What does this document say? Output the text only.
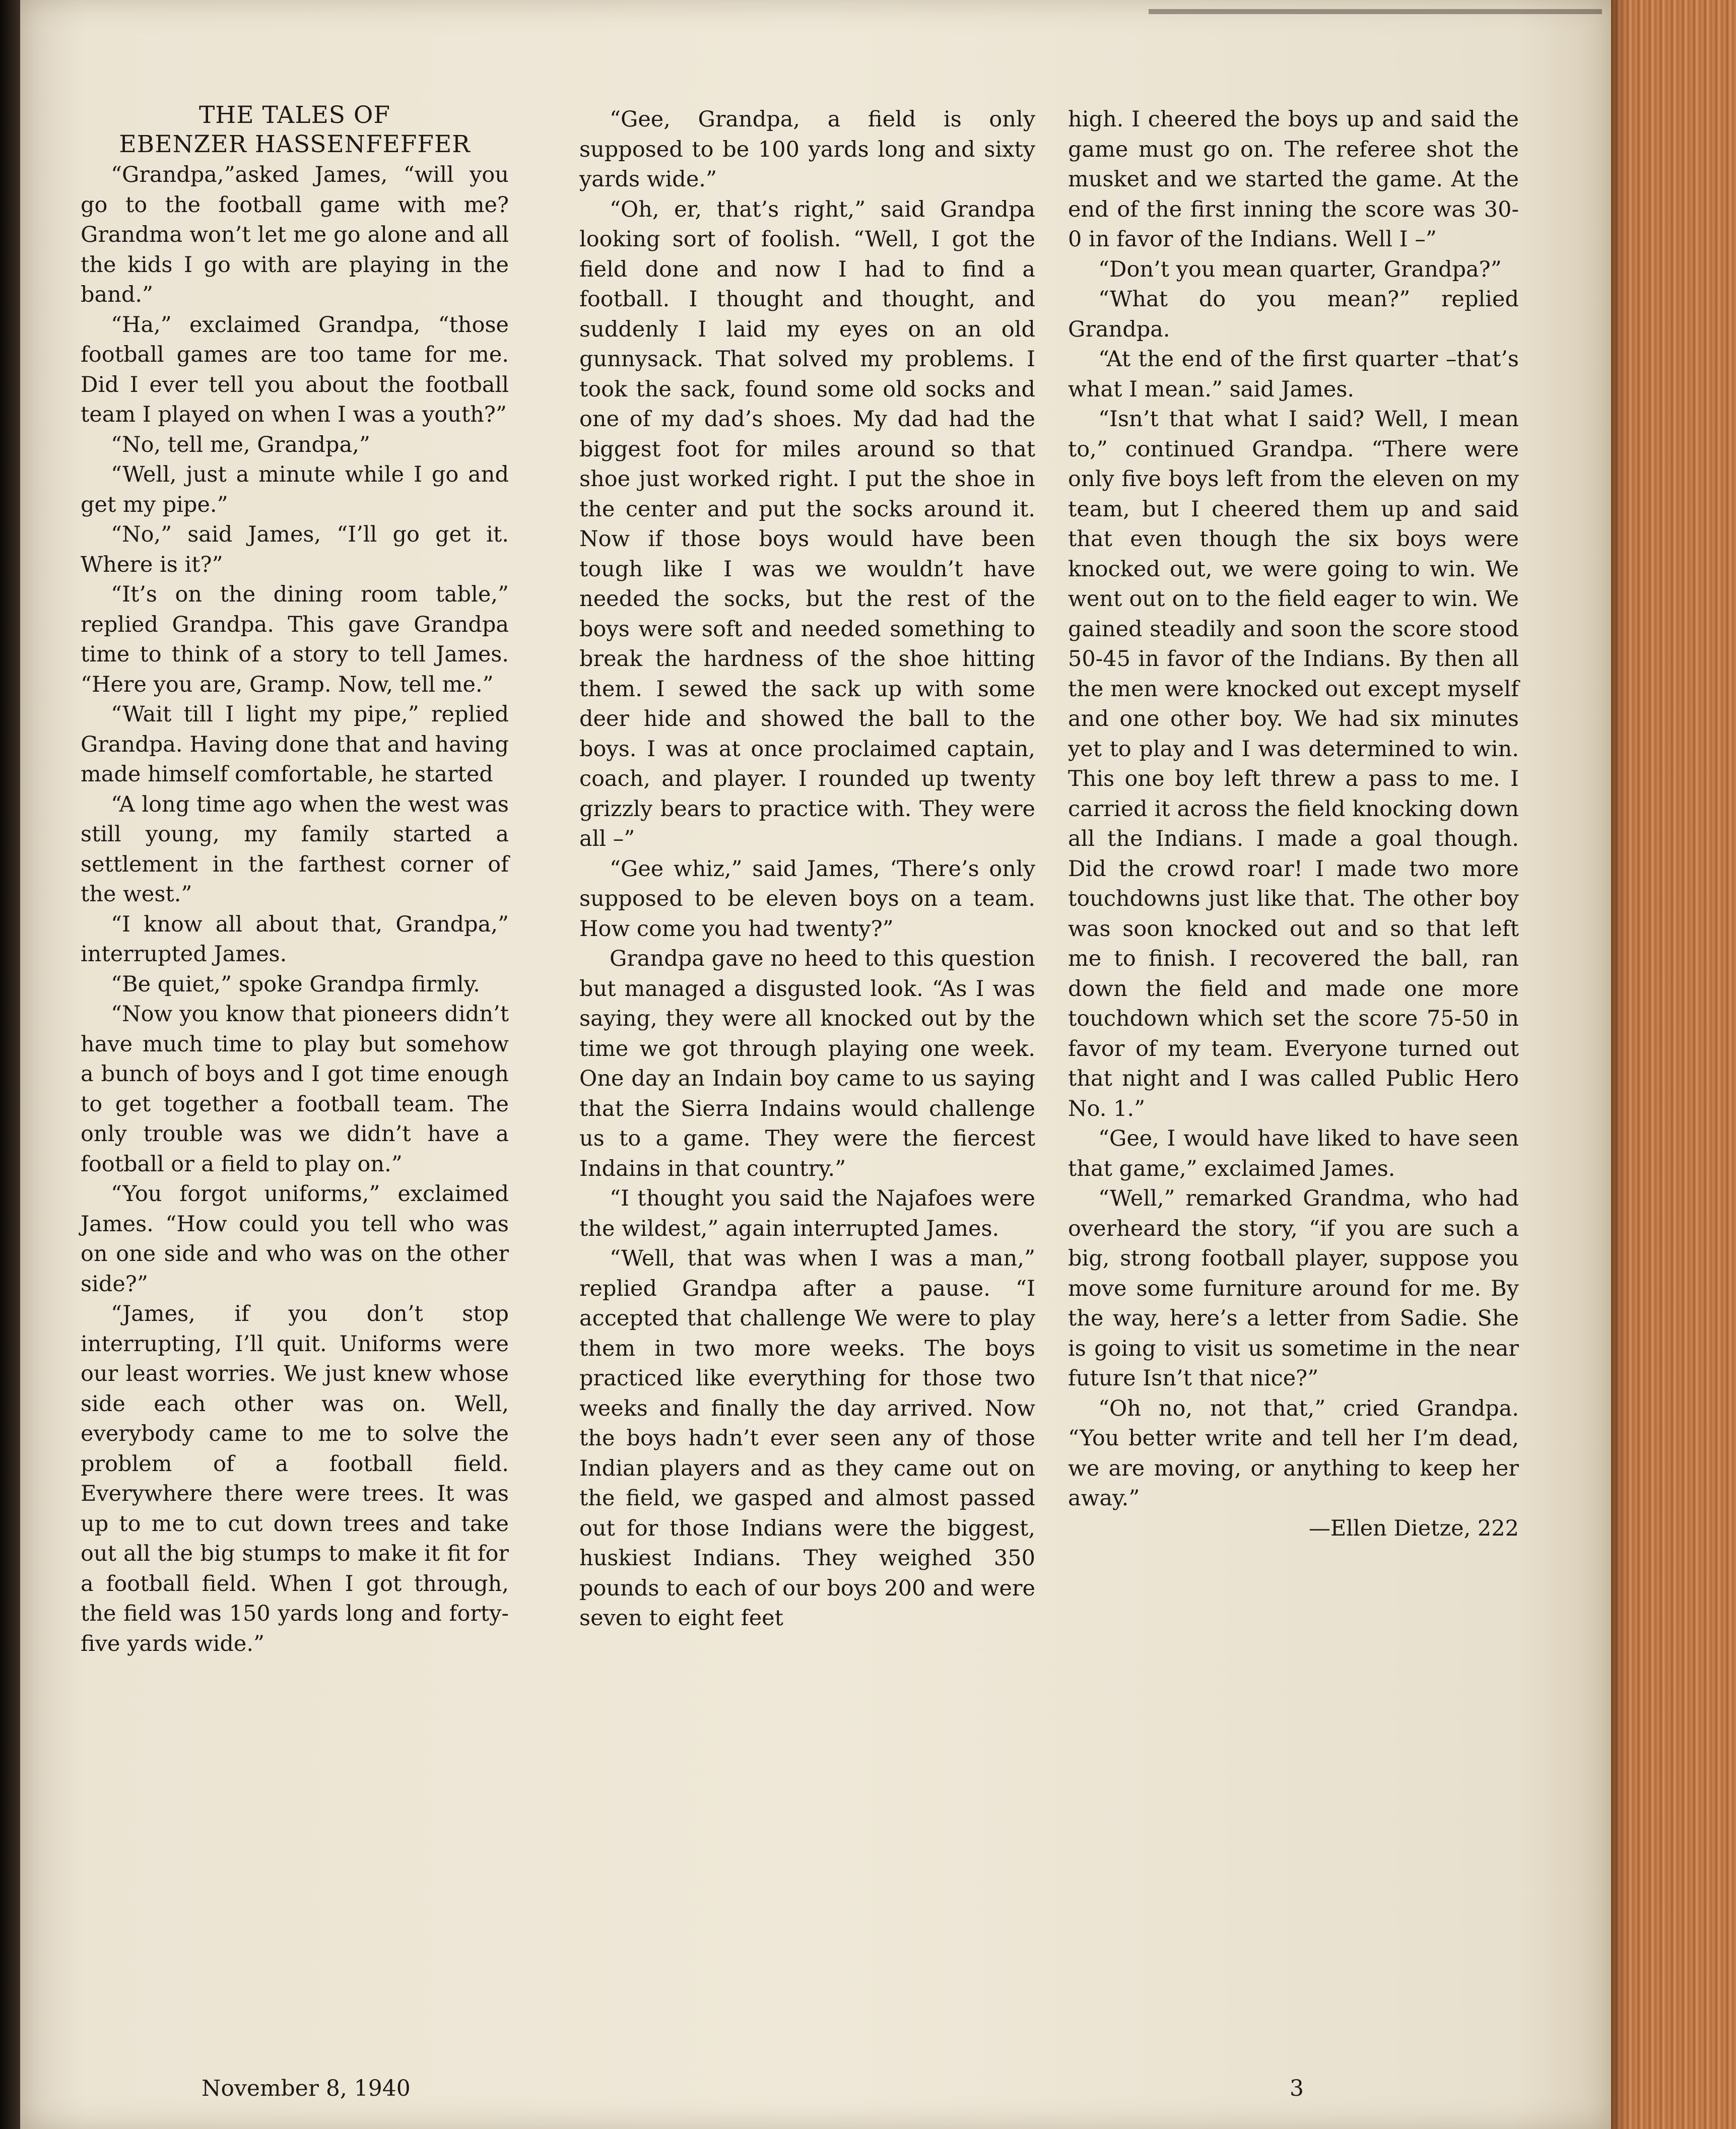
THE TALES OF
EBENZER HASSENFEFFER

“Grandpa,”asked James, “will you go to the football game with me? Grandma won’t let me go alone and all the kids I go with are playing in the band.”

“Ha,” exclaimed Grandpa, “those football games are too tame for me. Did I ever tell you about the football team I played on when I was a youth?”

“No, tell me, Grandpa,”

“Well, just a minute while I go and get my pipe.”

“No,” said James, “I’ll go get it. Where is it?”

“It’s on the dining room table,” replied Grandpa. This gave Grandpa time to think of a story to tell James. “Here you are, Gramp. Now, tell me.”

“Wait till I light my pipe,” replied Grandpa. Having done that and having made himself comfortable, he started

“A long time ago when the west was still young, my family started a settlement in the farthest corner of the west.”

“I know all about that, Grandpa,” interrupted James.

“Be quiet,” spoke Grandpa firmly.

“Now you know that pioneers didn’t have much time to play but somehow a bunch of boys and I got time enough to get together a football team. The only trouble was we didn’t have a football or a field to play on.”

“You forgot uniforms,” exclaimed James. “How could you tell who was on one side and who was on the other side?”

“James, if you don’t stop interrupting, I’ll quit. Uniforms were our least worries. We just knew whose side each other was on. Well, everybody came to me to solve the problem of a football field. Everywhere there were trees. It was up to me to cut down trees and take out all the big stumps to make it fit for a football field. When I got through, the field was 150 yards long and forty-five yards wide.”

“Gee, Grandpa, a field is only supposed to be 100 yards long and sixty yards wide.”

“Oh, er, that’s right,” said Grandpa looking sort of foolish. “Well, I got the field done and now I had to find a football. I thought and thought, and suddenly I laid my eyes on an old gunnysack. That solved my problems. I took the sack, found some old socks and one of my dad’s shoes. My dad had the biggest foot for miles around so that shoe just worked right. I put the shoe in the center and put the socks around it. Now if those boys would have been tough like I was we wouldn’t have needed the socks, but the rest of the boys were soft and needed something to break the hardness of the shoe hitting them. I sewed the sack up with some deer hide and showed the ball to the boys. I was at once proclaimed captain, coach, and player. I rounded up twenty grizzly bears to practice with. They were all –”

“Gee whiz,” said James, ‘There’s only supposed to be eleven boys on a team. How come you had twenty?”

Grandpa gave no heed to this question but managed a disgusted look. “As I was saying, they were all knocked out by the time we got through playing one week. One day an Indain boy came to us saying that the Sierra Indains would challenge us to a game. They were the fiercest Indains in that country.”

“I thought you said the Najafoes were the wildest,” again interrupted James.

“Well, that was when I was a man,” replied Grandpa after a pause. “I accepted that challenge We were to play them in two more weeks. The boys practiced like everything for those two weeks and finally the day arrived. Now the boys hadn’t ever seen any of those Indian players and as they came out on the field, we gasped and almost passed out for those Indians were the biggest, huskiest Indians. They weighed 350 pounds to each of our boys 200 and were seven to eight feet

high. I cheered the boys up and said the game must go on. The referee shot the musket and we started the game. At the end of the first inning the score was 30-0 in favor of the Indians. Well I –”

“Don’t you mean quarter, Grandpa?”

“What do you mean?” replied Grandpa.

“At the end of the first quarter –that’s what I mean.” said James.

“Isn’t that what I said? Well, I mean to,” continued Grandpa. “There were only five boys left from the eleven on my team, but I cheered them up and said that even though the six boys were knocked out, we were going to win. We went out on to the field eager to win. We gained steadily and soon the score stood 50-45 in favor of the Indians. By then all the men were knocked out except myself and one other boy. We had six minutes yet to play and I was determined to win. This one boy left threw a pass to me. I carried it across the field knocking down all the Indians. I made a goal though. Did the crowd roar! I made two more touchdowns just like that. The other boy was soon knocked out and so that left me to finish. I recovered the ball, ran down the field and made one more touchdown which set the score 75-50 in favor of my team. Everyone turned out that night and I was called Public Hero No. 1.”

“Gee, I would have liked to have seen that game,” exclaimed James.

“Well,” remarked Grandma, who had overheard the story, “if you are such a big, strong football player, suppose you move some furniture around for me. By the way, here’s a letter from Sadie. She is going to visit us sometime in the near future Isn’t that nice?”

“Oh no, not that,” cried Grandpa. “You better write and tell her I’m dead, we are moving, or anything to keep her away.”

—Ellen Dietze, 222

November 8, 1940	3
